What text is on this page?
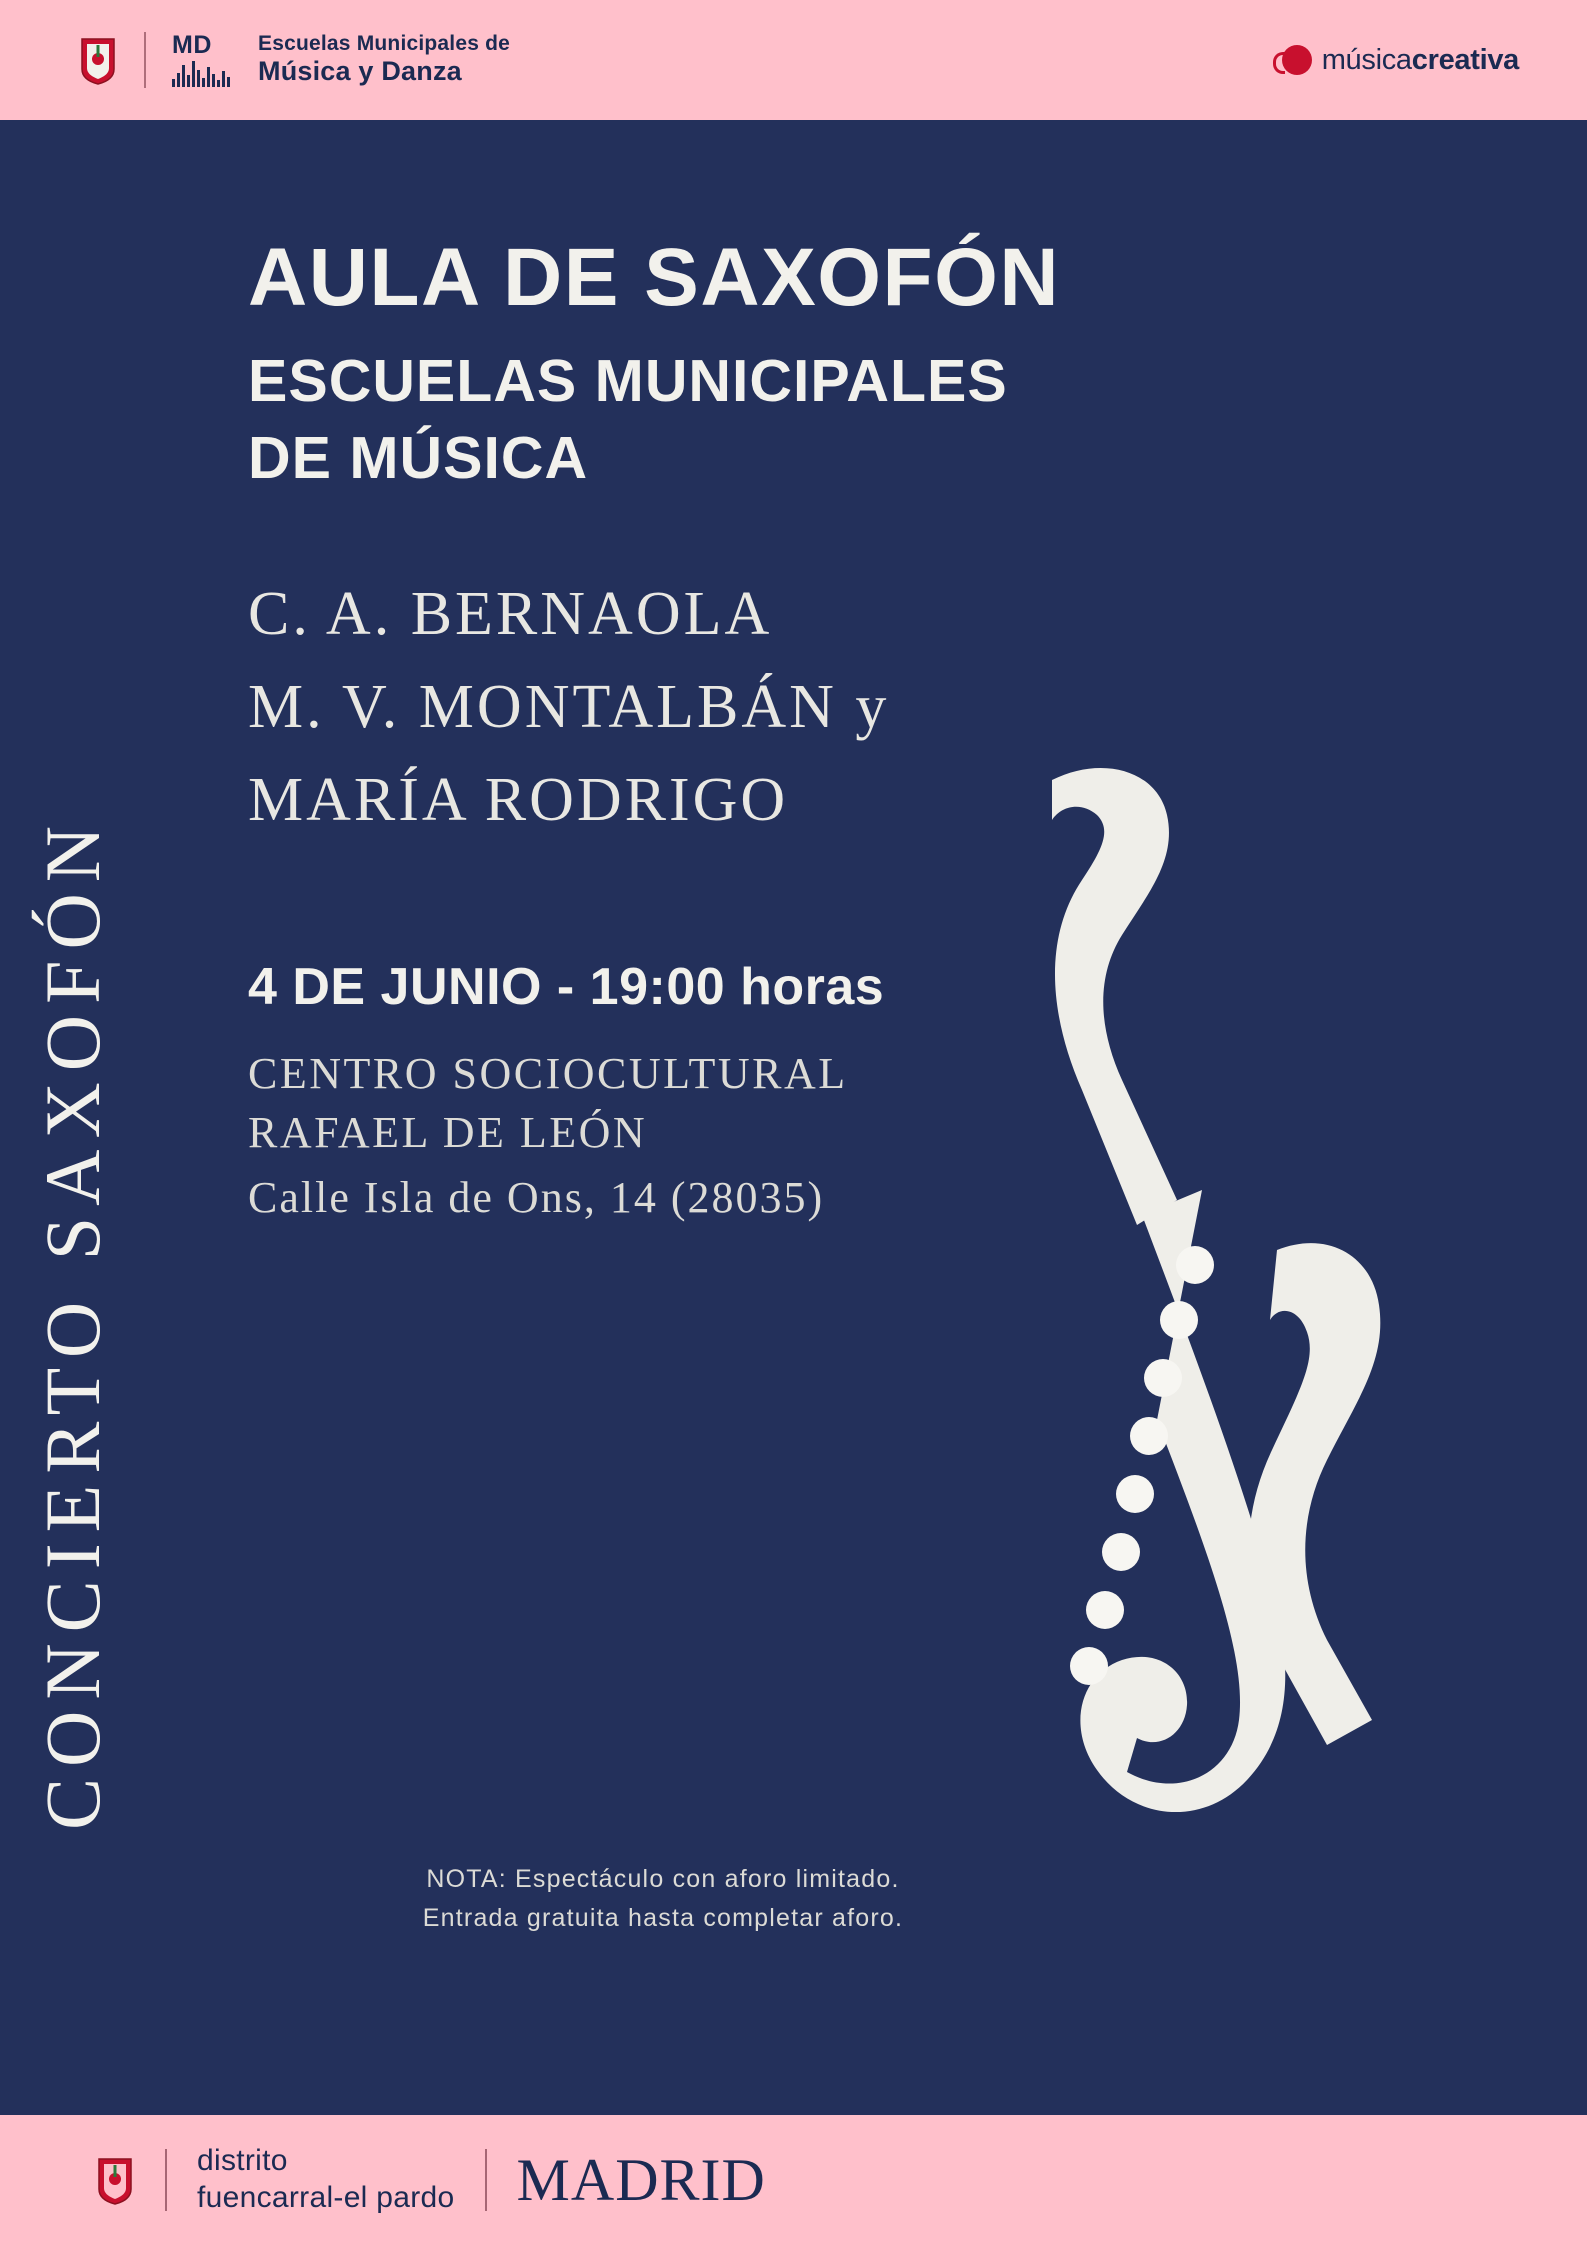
MD Escuelas Municipales de
Música y Danza	músicacreativa
CONCIERTO SAXOFÓN
AULA DE SAXOFÓN
ESCUELAS MUNICIPALES
DE MÚSICA
C. A. BERNAOLA
M. V. MONTALBÁN y
MARÍA RODRIGO
4 DE JUNIO - 19:00 horas
CENTRO SOCIOCULTURAL
RAFAEL DE LEÓN
Calle Isla de Ons, 14 (28035)
NOTA: Espectáculo con aforo limitado.
Entrada gratuita hasta completar aforo.
distrito
fuencarral-el pardo MADRID
